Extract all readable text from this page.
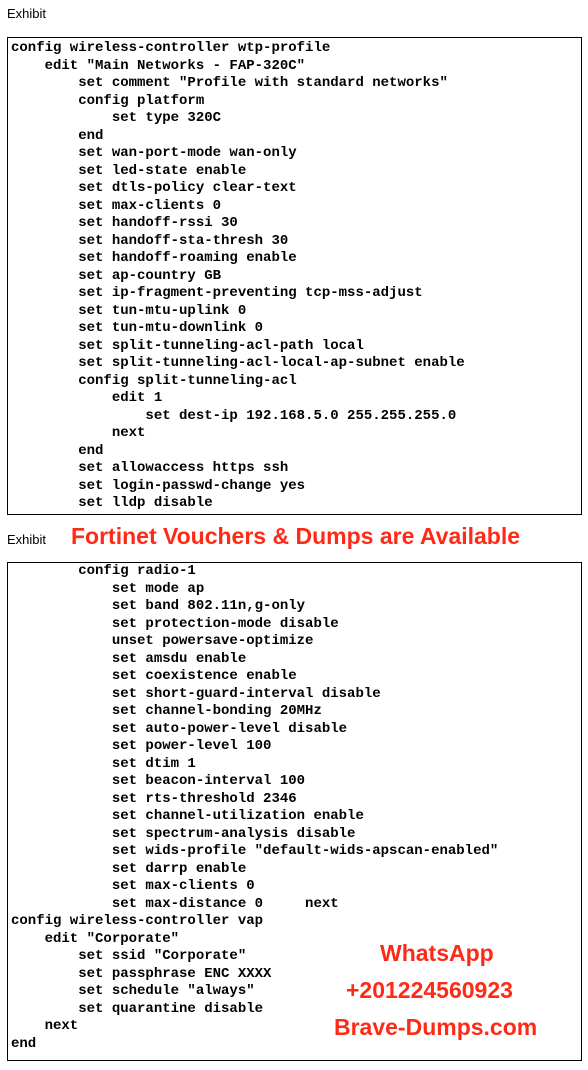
Exhibit
config wireless-controller wtp-profile
edit "Main Networks - FAP-320C"
set comment "Profile with standard networks"
config platform
set type 320C
end
set wan-port-mode wan-only
set led-state enable
set dtls-policy clear-text
set max-clients 0
set handoff-rssi 30
set handoff-sta-thresh 30
set handoff-roaming enable
set ap-country GB
set ip-fragment-preventing tcp-mss-adjust
set tun-mtu-uplink 0
set tun-mtu-downlink 0
set split-tunneling-acl-path local
set split-tunneling-acl-local-ap-subnet enable
config split-tunneling-acl
edit 1
set dest-ip 192.168.5.0 255.255.255.0
next
end
set allowaccess https ssh
set login-passwd-change yes
set lldp disable
Exhibit Fortinet Vouchers & Dumps are Available
config radio-1
set mode ap
set band 802.11n,g-only
set protection-mode disable
unset powersave-optimize
set amsdu enable
set coexistence enable
set short-guard-interval disable
set channel-bonding 20MHz
set auto-power-level disable
set power-level 100
set dtim 1
set beacon-interval 100
set rts-threshold 2346
set channel-utilization enable
set spectrum-analysis disable
set wids-profile "default-wids-apscan-enabled"
set darrp enable
set max-clients 0
set max-distance 0     next
config wireless-controller vap
edit "Corporate"
set ssid "Corporate"
set passphrase ENC XXXX
set schedule "always"
set quarantine disable
next
end
WhatsApp
+201224560923
Brave-Dumps.com
